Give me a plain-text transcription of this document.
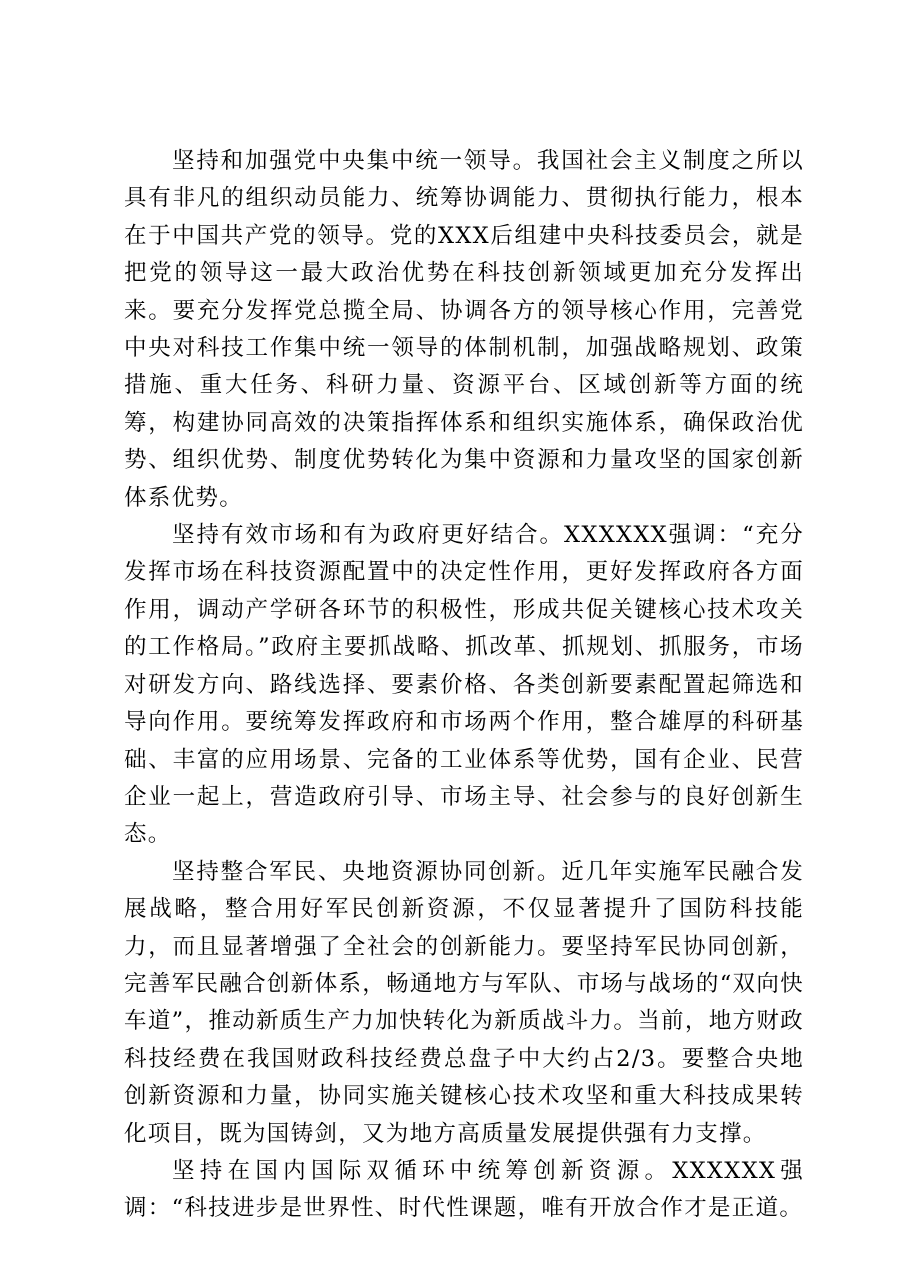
坚持和加强党中央集中统一领导。我国社会主义制度之所以具有非凡的组织动员能力、统筹协调能力、贯彻执行能力，根本在于中国共产党的领导。党的XXX后组建中央科技委员会，就是把党的领导这一最大政治优势在科技创新领域更加充分发挥出来。要充分发挥党总揽全局、协调各方的领导核心作用，完善党中央对科技工作集中统一领导的体制机制，加强战略规划、政策措施、重大任务、科研力量、资源平台、区域创新等方面的统筹，构建协同高效的决策指挥体系和组织实施体系，确保政治优势、组织优势、制度优势转化为集中资源和力量攻坚的国家创新体系优势。

坚持有效市场和有为政府更好结合。XXXXXX强调：“充分发挥市场在科技资源配置中的决定性作用，更好发挥政府各方面作用，调动产学研各环节的积极性，形成共促关键核心技术攻关的工作格局。”政府主要抓战略、抓改革、抓规划、抓服务，市场对研发方向、路线选择、要素价格、各类创新要素配置起筛选和导向作用。要统筹发挥政府和市场两个作用，整合雄厚的科研基础、丰富的应用场景、完备的工业体系等优势，国有企业、民营企业一起上，营造政府引导、市场主导、社会参与的良好创新生态。

坚持整合军民、央地资源协同创新。近几年实施军民融合发展战略，整合用好军民创新资源，不仅显著提升了国防科技能力，而且显著增强了全社会的创新能力。要坚持军民协同创新，完善军民融合创新体系，畅通地方与军队、市场与战场的“双向快车道”，推动新质生产力加快转化为新质战斗力。当前，地方财政科技经费在我国财政科技经费总盘子中大约占2/3。要整合央地创新资源和力量，协同实施关键核心技术攻坚和重大科技成果转化项目，既为国铸剑，又为地方高质量发展提供强有力支撑。

坚持在国内国际双循环中统筹创新资源。XXXXXX强调：“科技进步是世界性、时代性课题，唯有开放合作才是正道。
